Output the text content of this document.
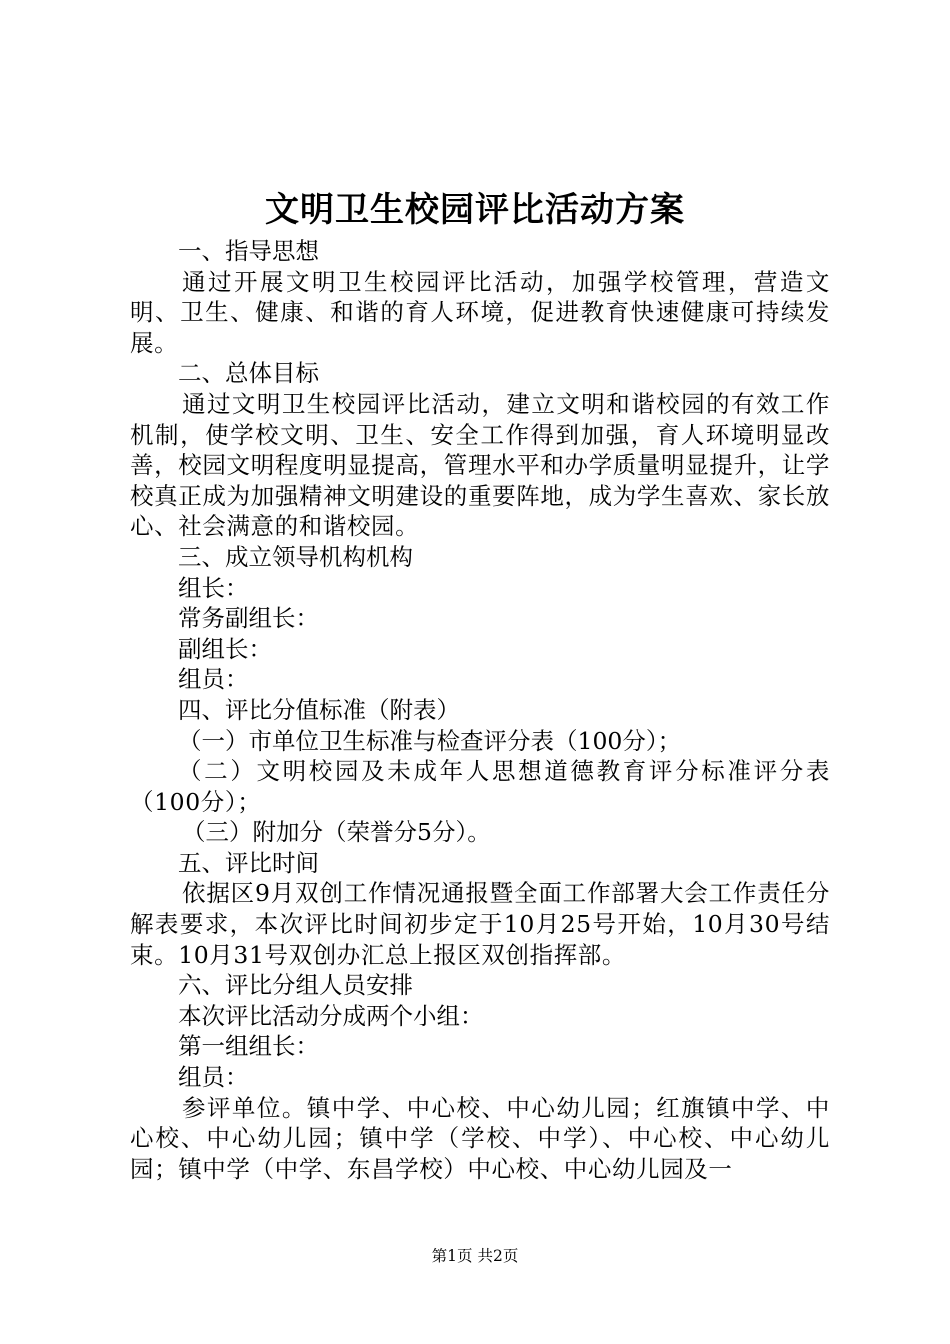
文明卫生校园评比活动方案

一、指导思想

通过开展文明卫生校园评比活动，加强学校管理，营造文明、卫生、健康、和谐的育人环境，促进教育快速健康可持续发展。

二、总体目标

通过文明卫生校园评比活动，建立文明和谐校园的有效工作机制，使学校文明、卫生、安全工作得到加强，育人环境明显改善，校园文明程度明显提高，管理水平和办学质量明显提升，让学校真正成为加强精神文明建设的重要阵地，成为学生喜欢、家长放心、社会满意的和谐校园。

三、成立领导机构机构

组长：

常务副组长：

副组长：

组员：

四、评比分值标准（附表）

（一）市单位卫生标准与检查评分表（100分）；

（二）文明校园及未成年人思想道德教育评分标准评分表（100分）；

（三）附加分（荣誉分5分）。

五、评比时间

依据区9月双创工作情况通报暨全面工作部署大会工作责任分解表要求，本次评比时间初步定于10月25号开始，10月30号结束。10月31号双创办汇总上报区双创指挥部。

六、评比分组人员安排

本次评比活动分成两个小组：

第一组组长：

组员：

参评单位。镇中学、中心校、中心幼儿园；红旗镇中学、中心校、中心幼儿园；镇中学（学校、中学）、中心校、中心幼儿园；镇中学（中学、东昌学校）中心校、中心幼儿园及一

第1页 共2页
